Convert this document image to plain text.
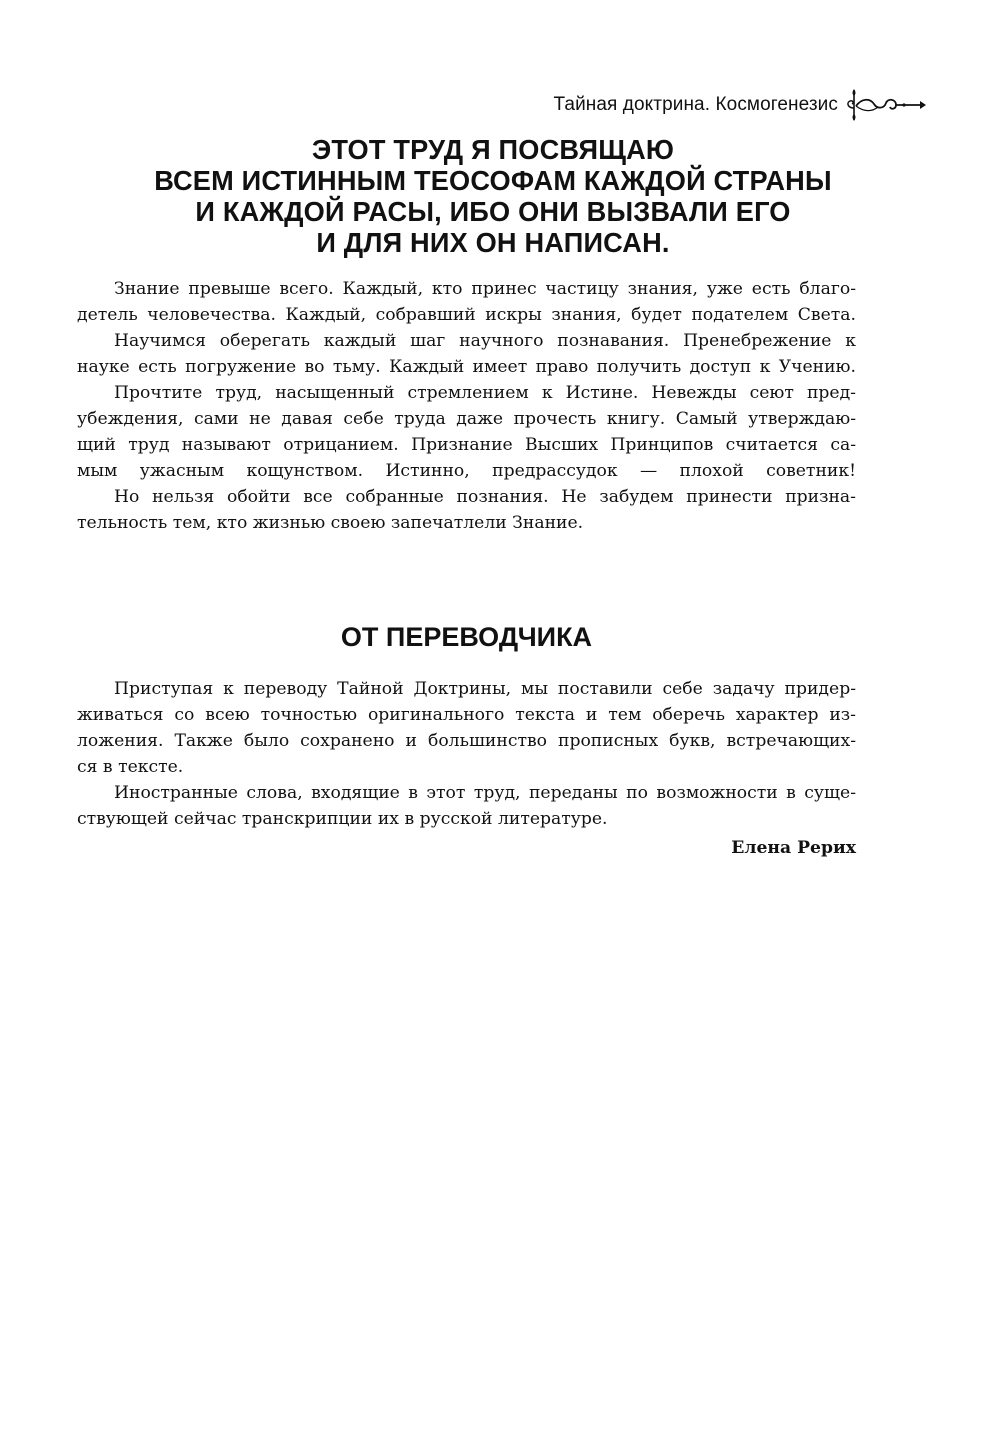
Тайная доктрина. Космогенезис
ЭТОТ ТРУД Я ПОСВЯЩАЮ
ВСЕМ ИСТИННЫМ ТЕОСОФАМ КАЖДОЙ СТРАНЫ
И КАЖДОЙ РАСЫ, ИБО ОНИ ВЫЗВАЛИ ЕГО
И ДЛЯ НИХ ОН НАПИСАН.

Знание превыше всего. Каждый, кто принес частицу знания, уже есть благо-
детель человечества. Каждый, собравший искры знания, будет подателем Света.

Научимся оберегать каждый шаг научного познавания. Пренебрежение к
науке есть погружение во тьму. Каждый имеет право получить доступ к Учению.

Прочтите труд, насыщенный стремлением к Истине. Невежды сеют пред-
убеждения, сами не давая себе труда даже прочесть книгу. Самый утверждаю-
щий труд называют отрицанием. Признание Высших Принципов считается са-
мым ужасным кощунством. Истинно, предрассудок — плохой советник!

Но нельзя обойти все собранные познания. Не забудем принести призна-
тельность тем, кто жизнью своею запечатлели Знание.

ОТ ПЕРЕВОДЧИКА

Приступая к переводу Тайной Доктрины, мы поставили себе задачу придер-
живаться со всею точностью оригинального текста и тем оберечь характер из-
ложения. Также было сохранено и большинство прописных букв, встречающих-
ся в тексте.

Иностранные слова, входящие в этот труд, переданы по возможности в суще-
ствующей сейчас транскрипции их в русской литературе.

Елена Рерих
